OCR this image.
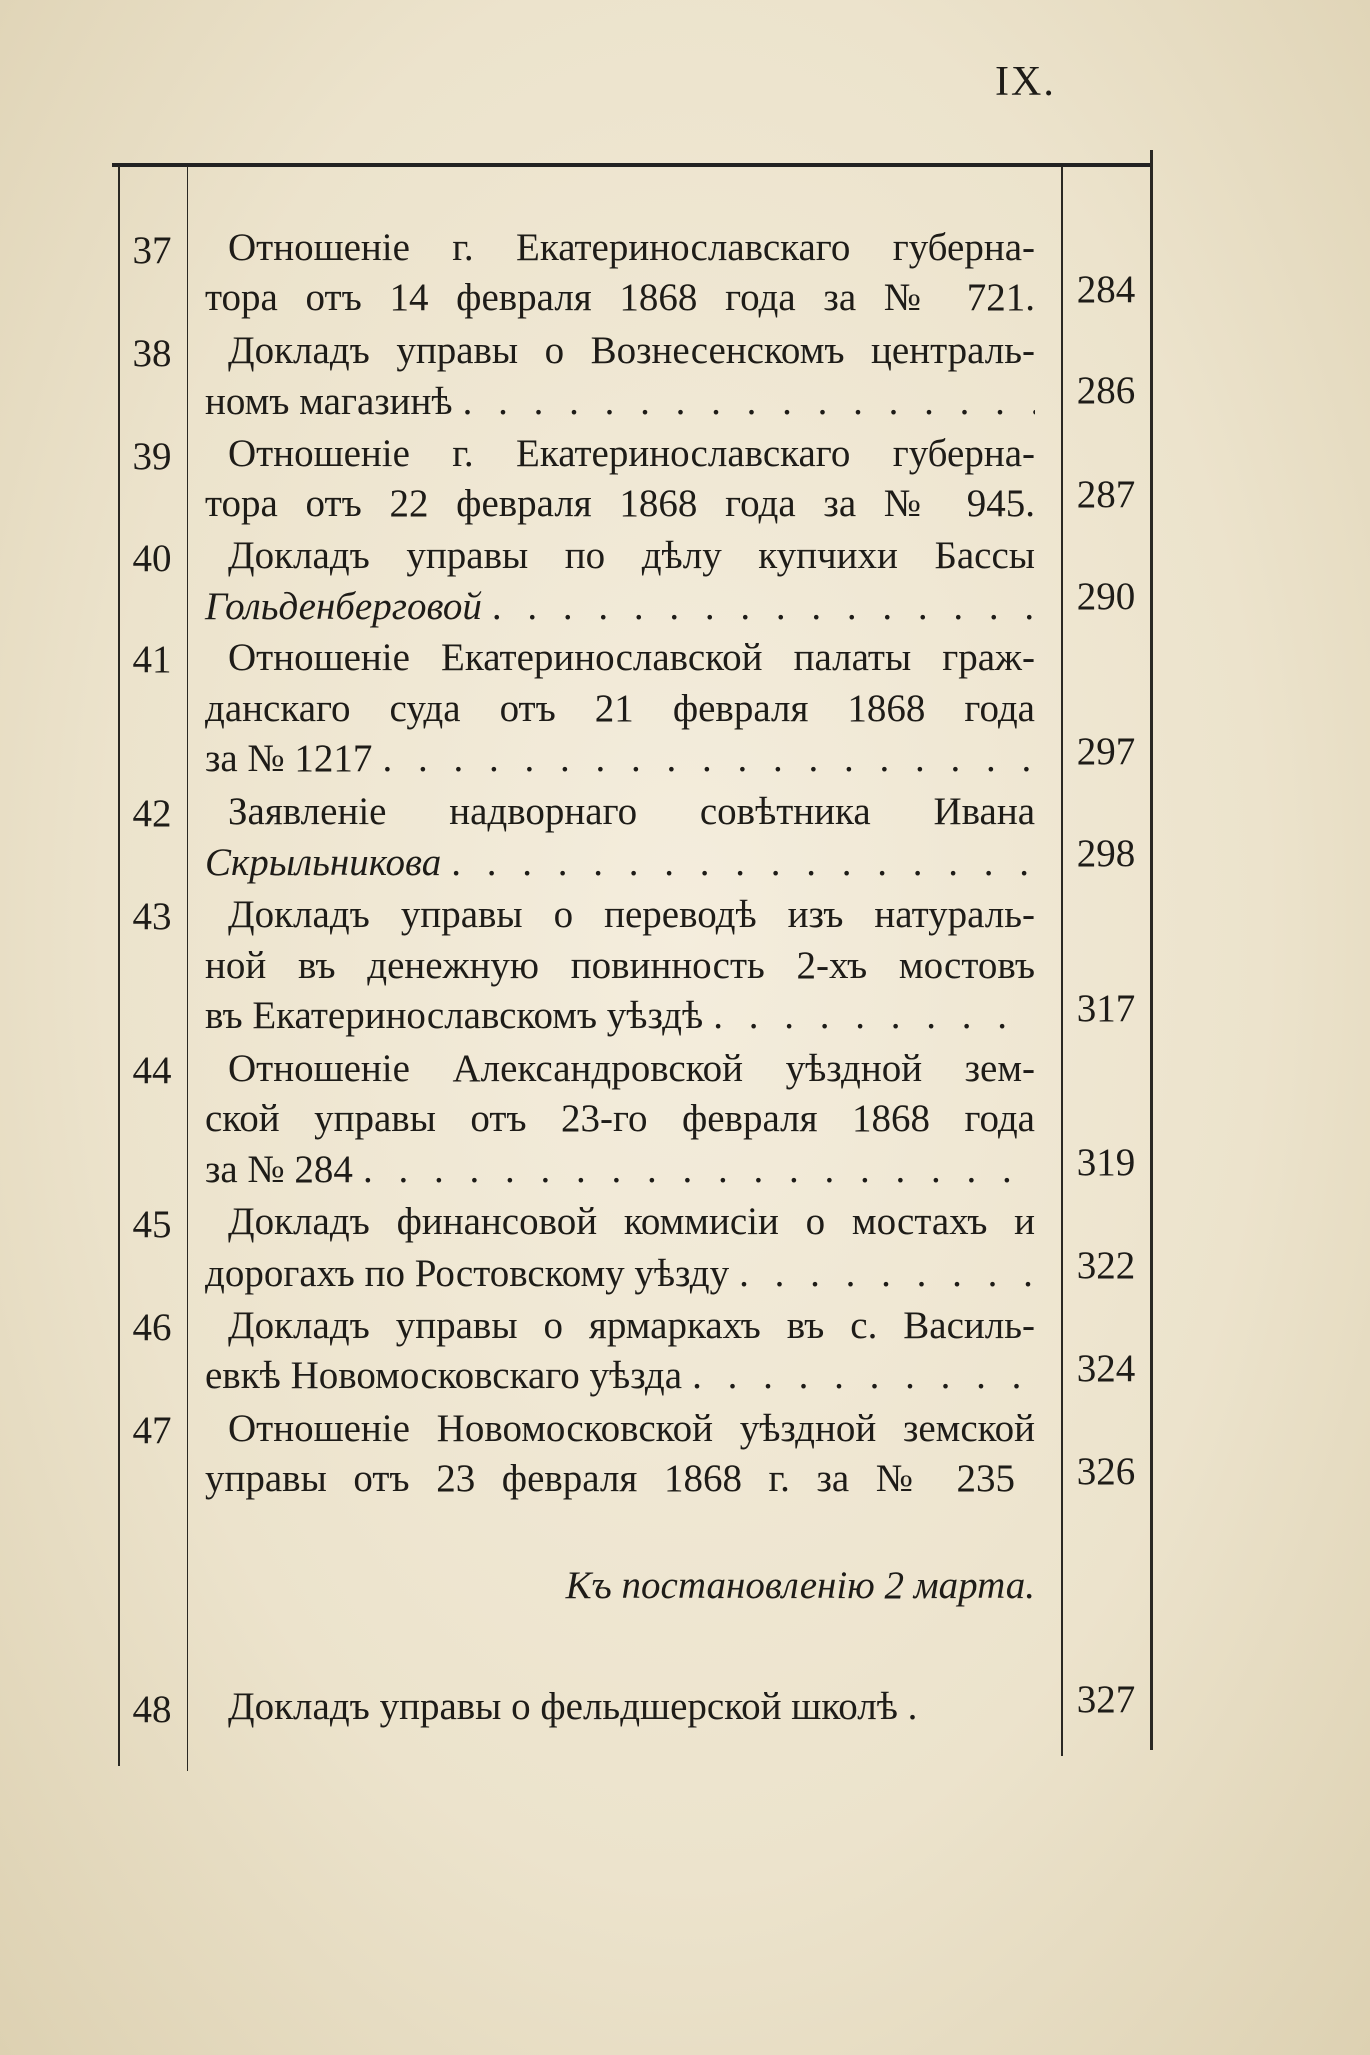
IX.
37 Отношеніе г. Екатеринославскаго губерна-
тора отъ 14 февраля 1868 года за № 721.	284
38 Докладъ управы о Вознесенскомъ централь-
номъ магазинѣ . . .	286
39 Отношеніе г. Екатеринославскаго губерна-
тора отъ 22 февраля 1868 года за № 945.	287
40 Докладъ управы по дѣлу купчихи Бассы
Гольденберговой . . .	290
41 Отношеніе Екатеринославской палаты граж-
данскаго суда отъ 21 февраля 1868 года
за № 1217 . . .	297
42 Заявленіе надворнаго совѣтника Ивана
Скрыльникова . . .	298
43 Докладъ управы о переводѣ изъ натураль-
ной въ денежную повинность 2-хъ мостовъ
въ Екатеринославскомъ уѣздѣ . . .	317
44 Отношеніе Александровской уѣздной зем-
ской управы отъ 23-го февраля 1868 года
за № 284 . . .	319
45 Докладъ финансовой коммисіи о мостахъ и
дорогахъ по Ростовскому уѣзду . . .	322
46 Докладъ управы о ярмаркахъ въ с. Василь-
евкѣ Новомосковскаго уѣзда . . .	324
47 Отношеніе Новомосковской уѣздной земской
управы отъ 23 февраля 1868 г. за № 235	326
Къ постановленію 2 марта.
48 Докладъ управы о фельдшерской школѣ .	327
